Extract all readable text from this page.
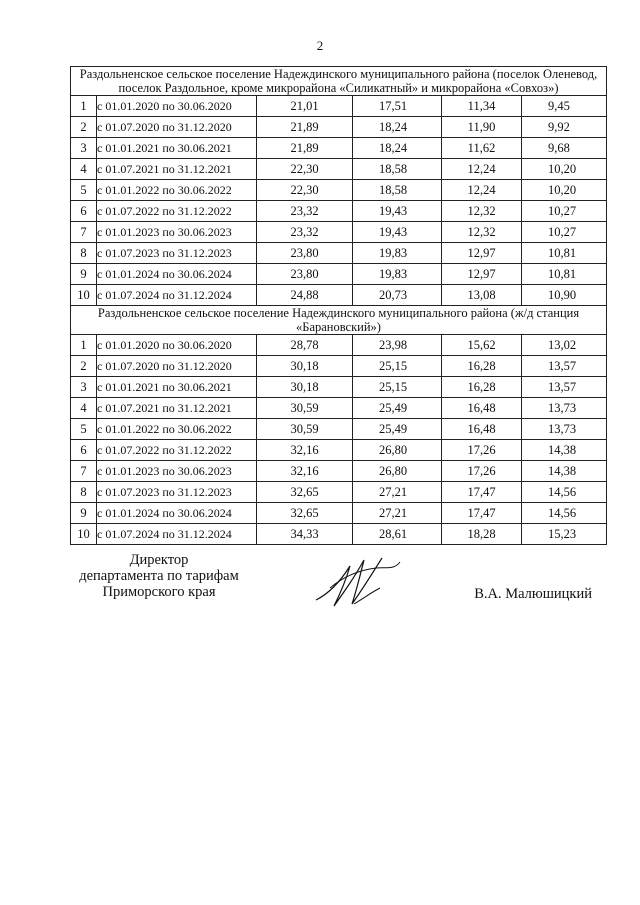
2
Раздольненское сельское поселение Надеждинского муниципального района (поселок Оленевод, поселок Раздольное, кроме микрорайона «Силикатный» и микрорайона «Совхоз»)					
1	с 01.01.2020 по 30.06.2020	21,01	17,51	11,34	9,45
2	с 01.07.2020 по 31.12.2020	21,89	18,24	11,90	9,92
3	с 01.01.2021 по 30.06.2021	21,89	18,24	11,62	9,68
4	с 01.07.2021 по 31.12.2021	22,30	18,58	12,24	10,20
5	с 01.01.2022 по 30.06.2022	22,30	18,58	12,24	10,20
6	с 01.07.2022 по 31.12.2022	23,32	19,43	12,32	10,27
7	с 01.01.2023 по 30.06.2023	23,32	19,43	12,32	10,27
8	с 01.07.2023 по 31.12.2023	23,80	19,83	12,97	10,81
9	с 01.01.2024 по 30.06.2024	23,80	19,83	12,97	10,81
10	с 01.07.2024 по 31.12.2024	24,88	20,73	13,08	10,90
Раздольненское сельское поселение Надеждинского муниципального района (ж/д станция «Барановский»)					
1	с 01.01.2020 по 30.06.2020	28,78	23,98	15,62	13,02
2	с 01.07.2020 по 31.12.2020	30,18	25,15	16,28	13,57
3	с 01.01.2021 по 30.06.2021	30,18	25,15	16,28	13,57
4	с 01.07.2021 по 31.12.2021	30,59	25,49	16,48	13,73
5	с 01.01.2022 по 30.06.2022	30,59	25,49	16,48	13,73
6	с 01.07.2022 по 31.12.2022	32,16	26,80	17,26	14,38
7	с 01.01.2023 по 30.06.2023	32,16	26,80	17,26	14,38
8	с 01.07.2023 по 31.12.2023	32,65	27,21	17,47	14,56
9	с 01.01.2024 по 30.06.2024	32,65	27,21	17,47	14,56
10	с 01.07.2024 по 31.12.2024	34,33	28,61	18,28	15,23
Директор
департамента по тарифам
Приморского края	В.А. Малюшицкий
